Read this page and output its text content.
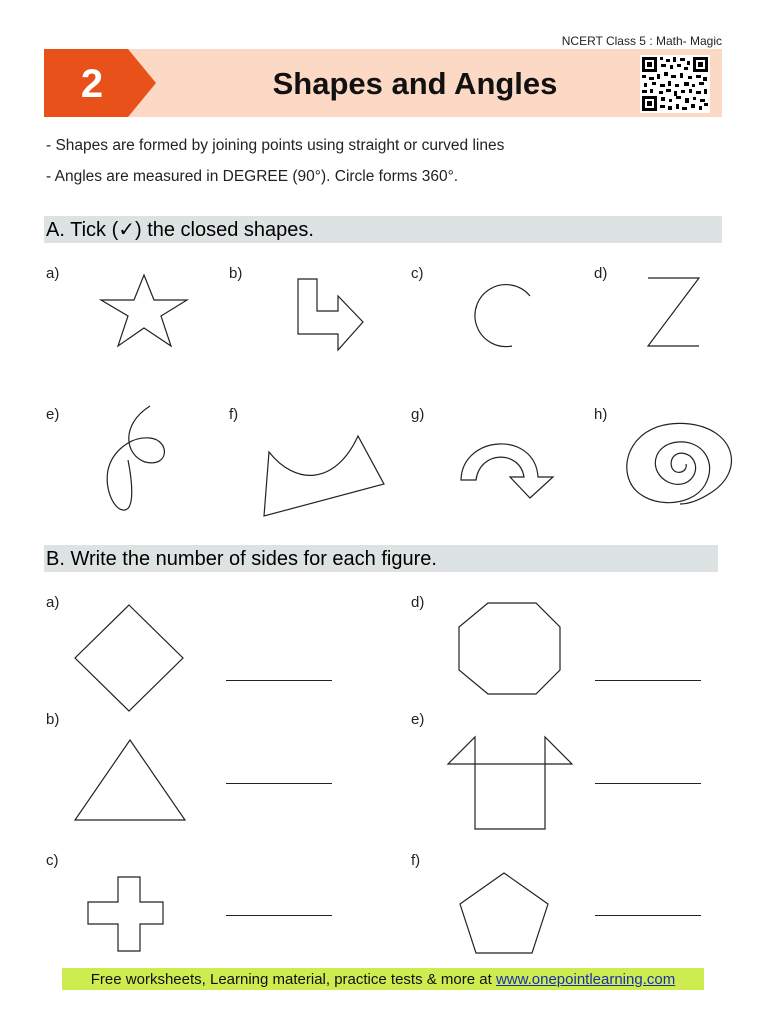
NCERT Class 5 : Math- Magic
2	Shapes and Angles
- Shapes are formed by joining points using straight or curved lines
- Angles are measured in DEGREE (90°). Circle forms 360°.
A. Tick (✓) the closed shapes.
a)	b)	c)	d)
e)	f)	g)	h)
B. Write the number of sides for each figure.
a)
b)
c)
d)
e)
f)
Free worksheets, Learning material, practice tests & more at www.onepointlearning.com
